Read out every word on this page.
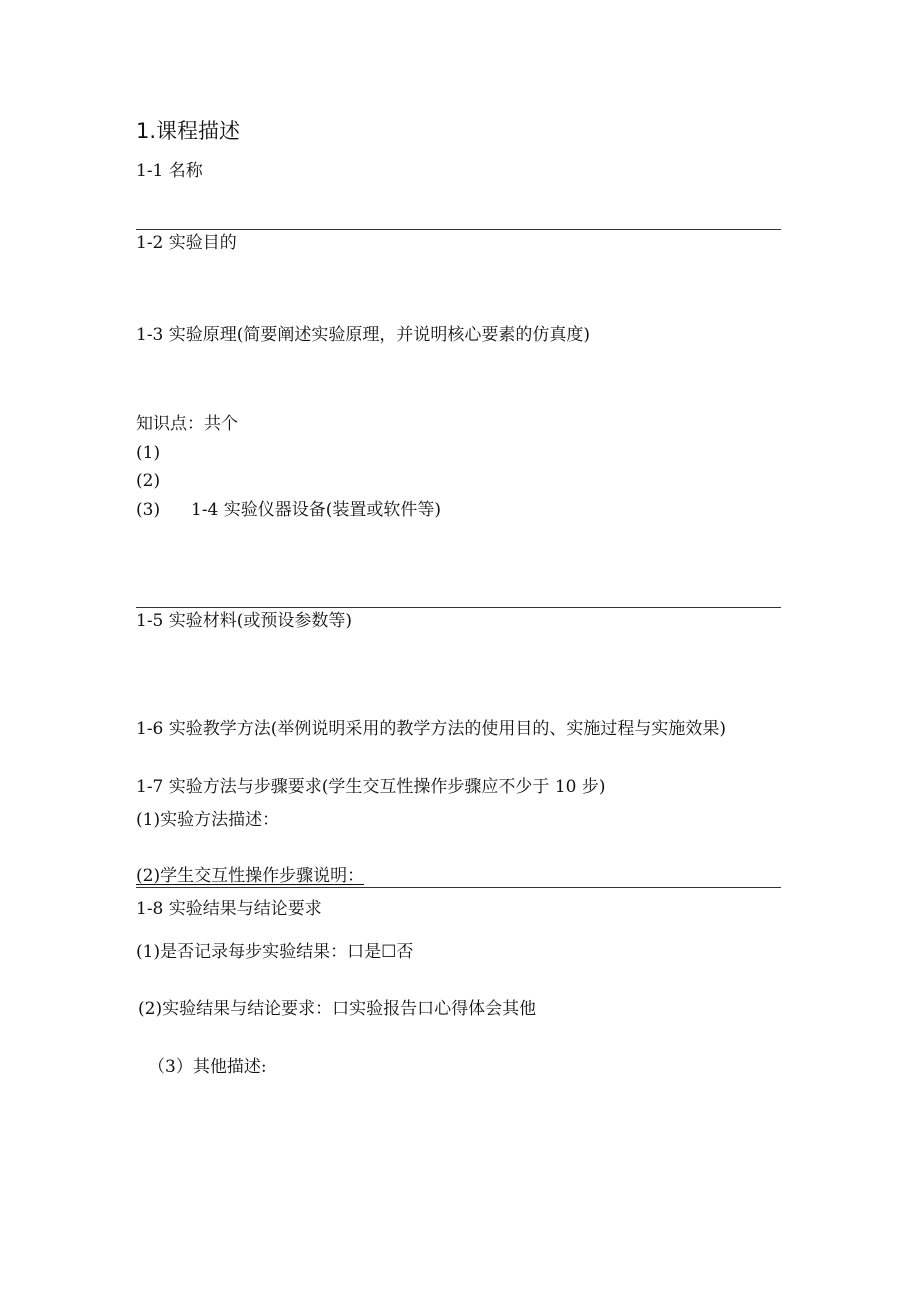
1.课程描述
1-1 名称
1-2 实验目的
1-3 实验原理(简要阐述实验原理，并说明核心要素的仿真度)
知识点：共个
(1)
(2)
(3) 1-4 实验仪器设备(装置或软件等)
1-5 实验材料(或预设参数等)
1-6 实验教学方法(举例说明采用的教学方法的使用目的、实施过程与实施效果)
1-7 实验方法与步骤要求(学生交互性操作步骤应不少于 10 步)
(1)实验方法描述：
(2)学生交互性操作步骤说明：
1-8 实验结果与结论要求
(1)是否记录每步实验结果：口是☐否
(2)实验结果与结论要求：口实验报告口心得体会其他
（3）其他描述:
